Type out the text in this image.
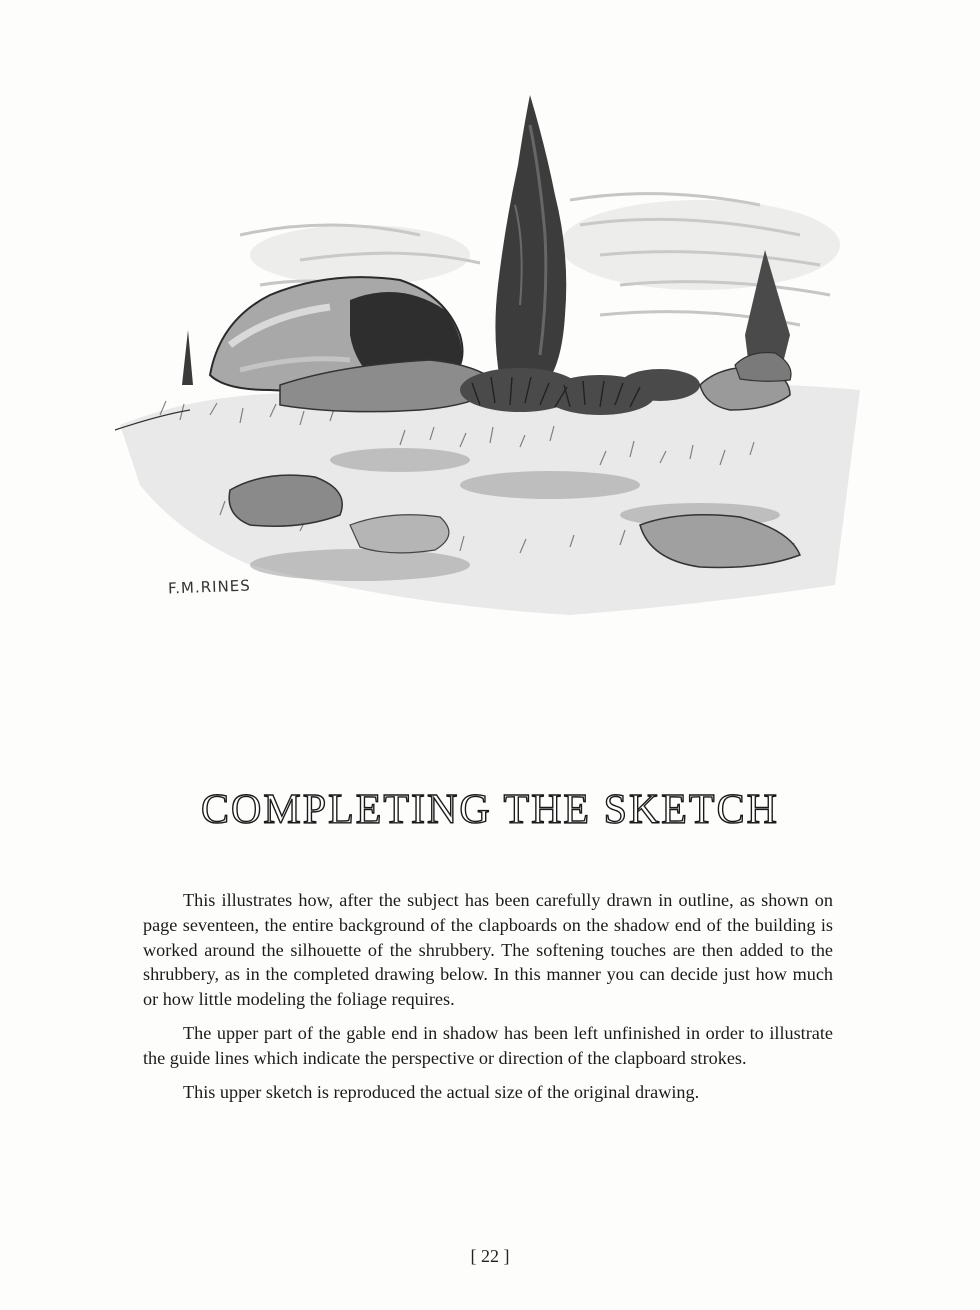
F.M.RINES
COMPLETING THE SKETCH

This illustrates how, after the subject has been carefully drawn in outline, as shown on page seventeen, the entire background of the clapboards on the shadow end of the building is worked around the silhouette of the shrubbery. The softening touches are then added to the shrubbery, as in the completed drawing below. In this manner you can decide just how much or how little modeling the foliage requires.

The upper part of the gable end in shadow has been left unfinished in order to illustrate the guide lines which indicate the perspective or direction of the clapboard strokes.

This upper sketch is reproduced the actual size of the original drawing.

[ 22 ]
